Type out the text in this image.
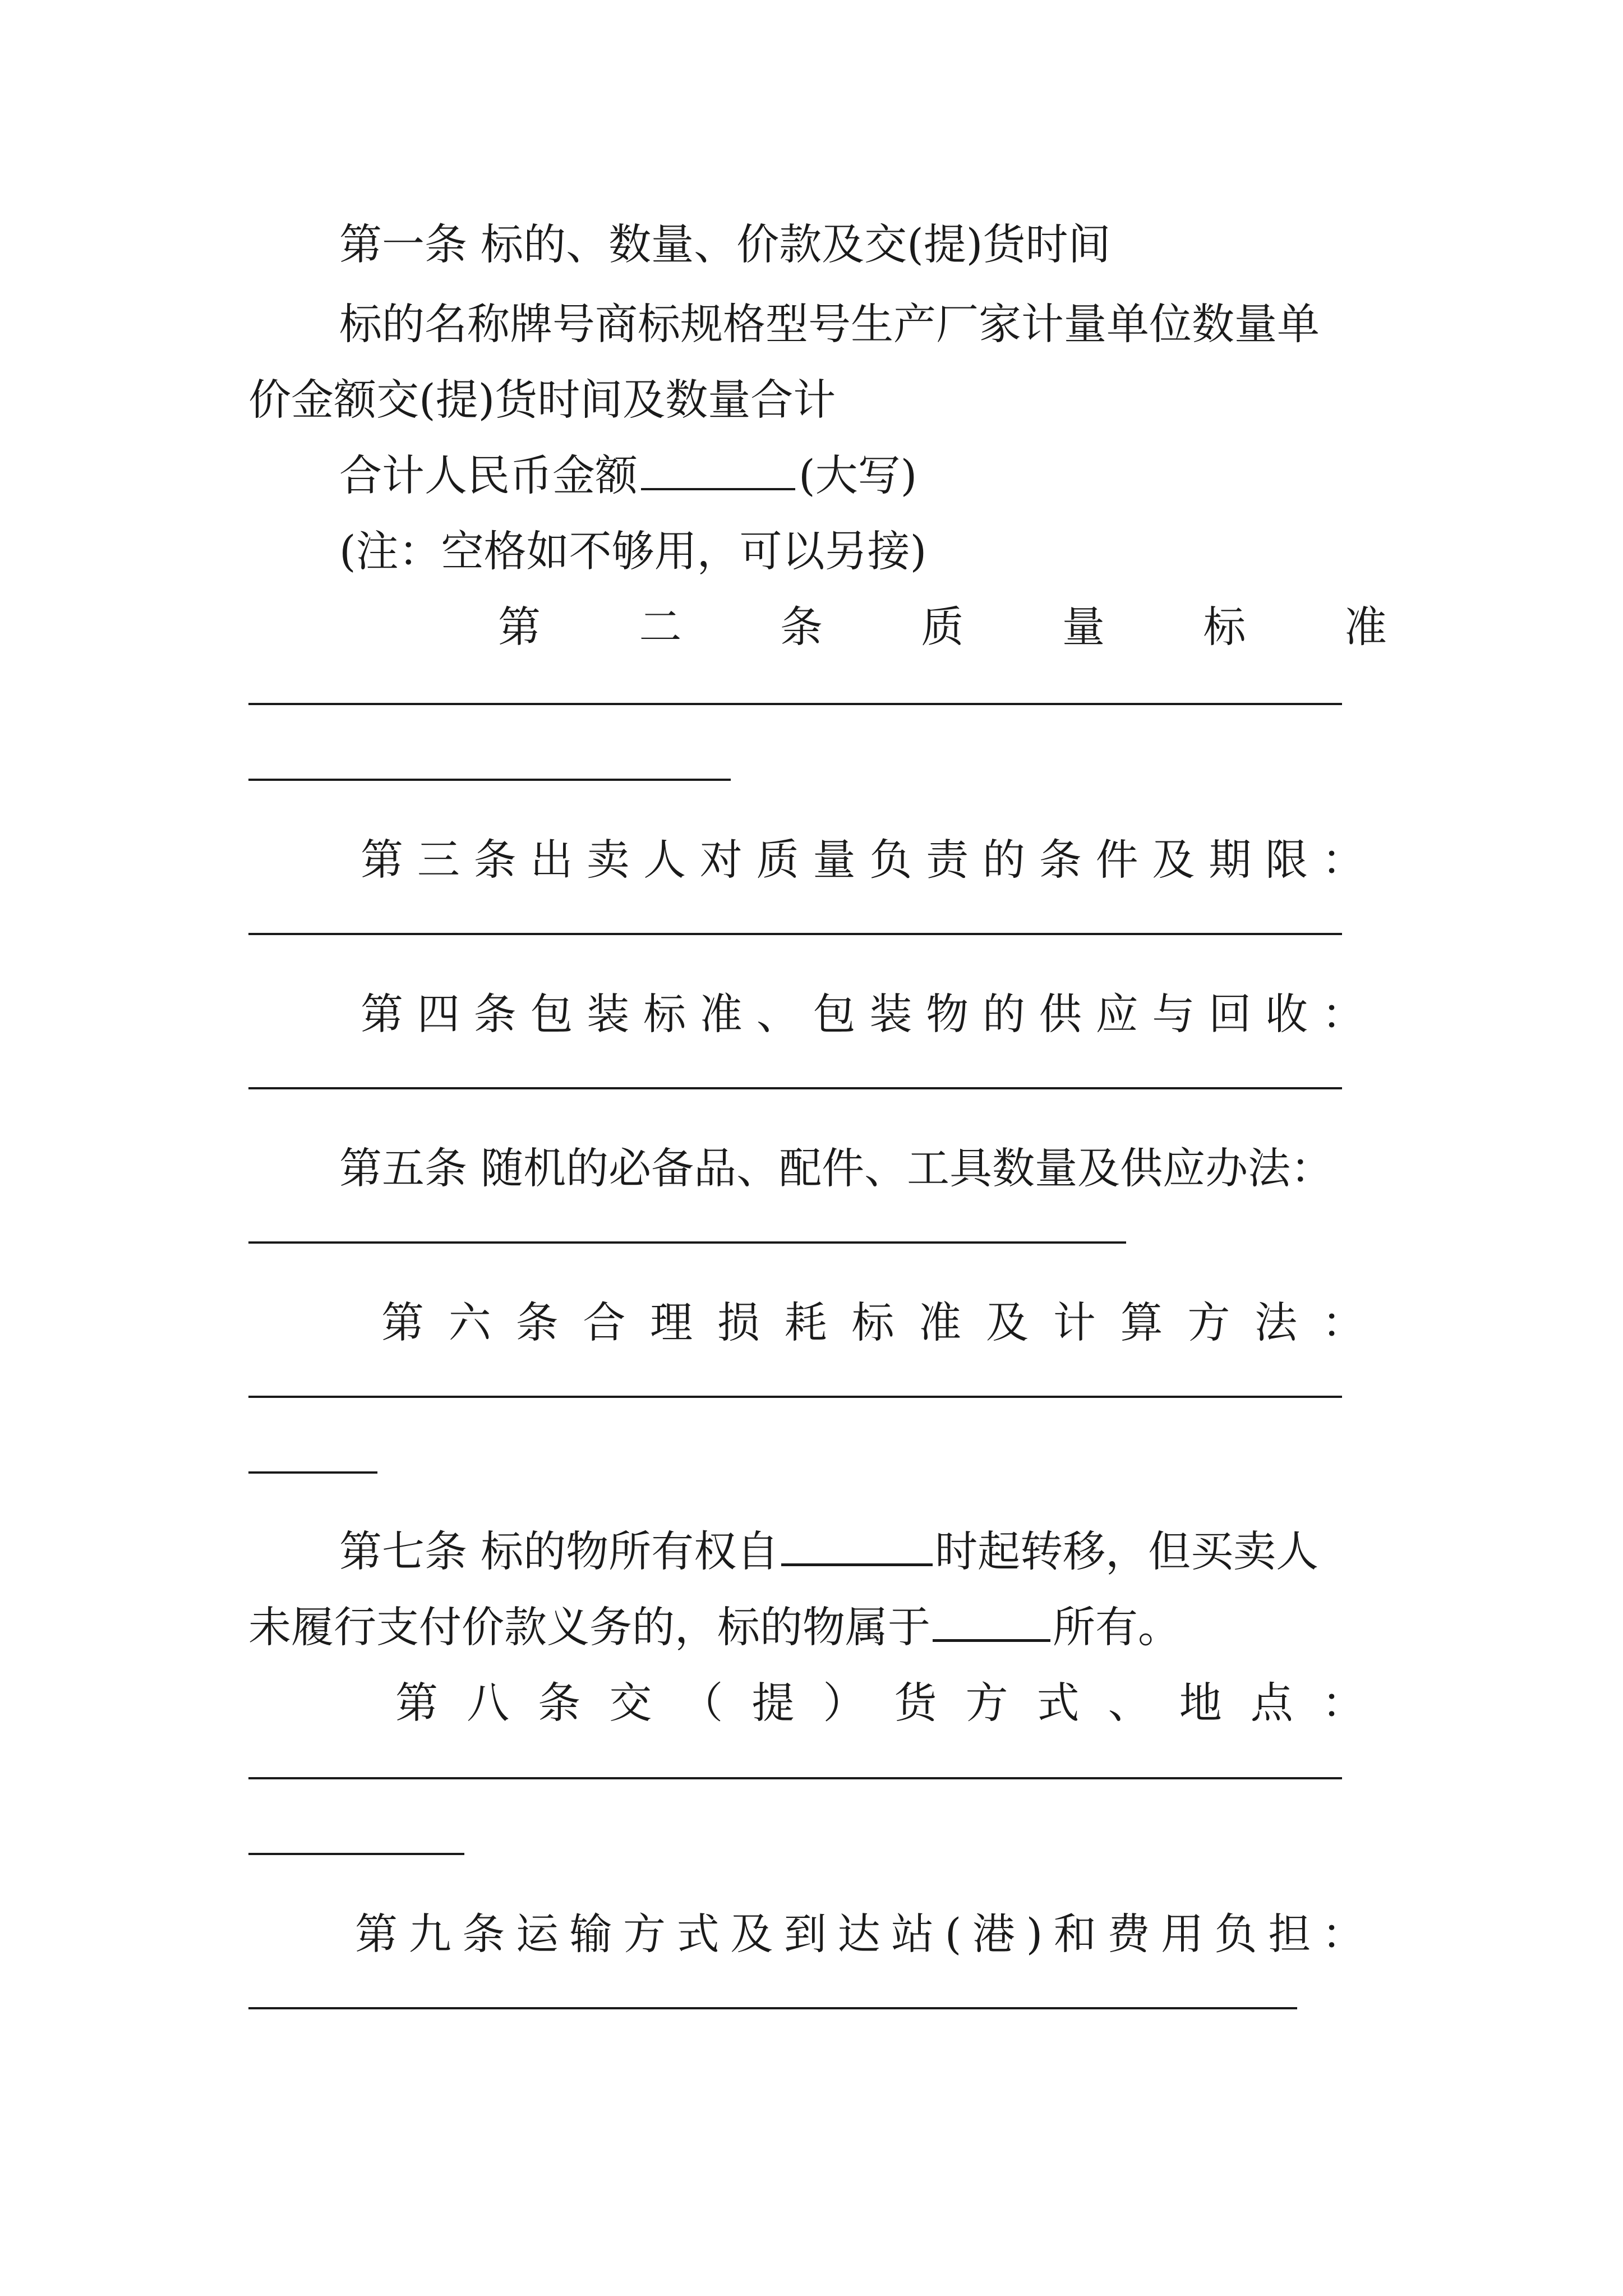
第一条 标的、数量、价款及交(提)货时间
标的名称牌号商标规格型号生产厂家计量单位数量单
价金额交(提)货时间及数量合计
合计人民币金额	(大写)
(注：空格如不够用，可以另接)
第 二 条 质 量 标 准
第 三 条 出 卖 人 对 质 量 负 责 的 条 件 及 期 限 ：
第 四 条 包 装 标 准 、 包 装 物 的 供 应 与 回 收 ：
第五条 随机的必备品、配件、工具数量及供应办法：
第 六 条 合 理 损 耗 标 准 及 计 算 方 法 ：
第七条 标的物所有权自	时起转移，但买卖人
未履行支付价款义务的，标的物属于	所有。
第 八 条 交 （ 提 ） 货 方 式 、 地 点 ：
第 九 条 运 输 方 式 及 到 达 站 ( 港 ) 和 费 用 负 担 ：
